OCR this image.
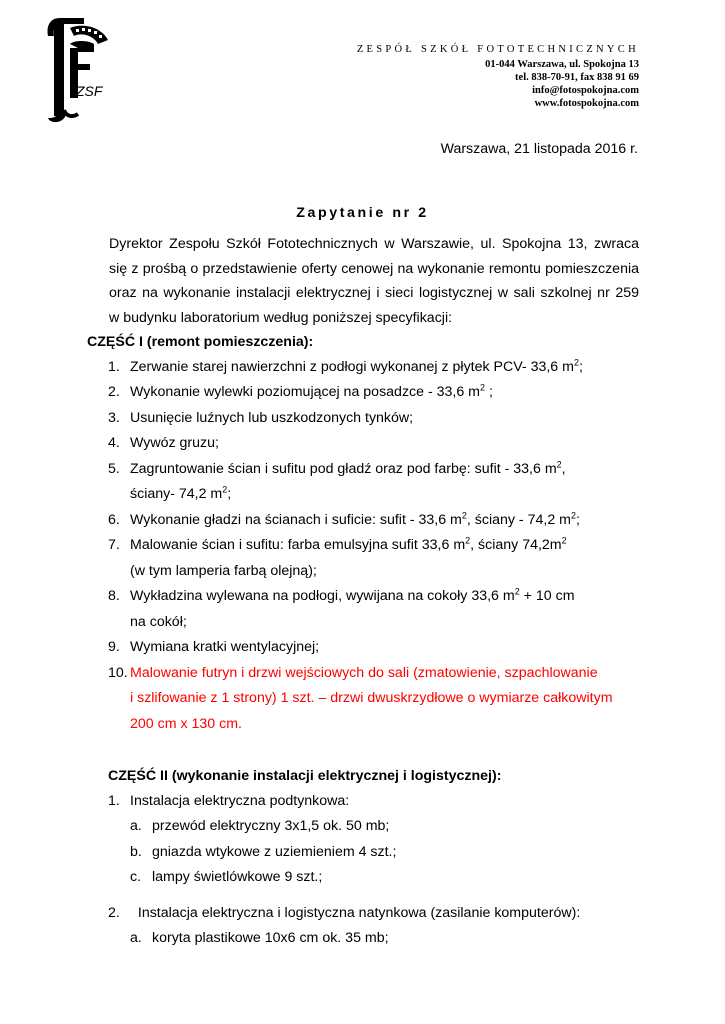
ZSF
ZESPÓŁ SZKÓŁ FOTOTECHNICZNYCH
01-044 Warszawa, ul. Spokojna 13
tel. 838-70-91, fax 838 91 69
info@fotospokojna.com
www.fotospokojna.com
Warszawa, 21 listopada 2016 r.
Zapytanie nr 2

Dyrektor Zespołu Szkół Fototechnicznych w Warszawie, ul. Spokojna 13, zwraca
się z prośbą o przedstawienie oferty cenowej na wykonanie remontu pomieszczenia
oraz na wykonanie instalacji elektrycznej i sieci logistycznej w sali szkolnej nr 259
w budynku laboratorium według poniższej specyfikacji:

CZĘŚĆ I (remont pomieszczenia):

1. Zerwanie starej nawierzchni z podłogi wykonanej z płytek PCV- 33,6 $m^2$;
2. Wykonanie wylewki poziomującej na posadzce - 33,6 $m^2$ ;
3. Usunięcie luźnych lub uszkodzonych tynków;
4. Wywóz gruzu;
5. Zagruntowanie ścian i sufitu pod gładź oraz pod farbę: sufit - 33,6 $m^2$,
ściany- 74,2 $m^2$;
6. Wykonanie gładzi na ścianach i suficie: sufit - 33,6 $m^2$, ściany - 74,2 $m^2$;
7. Malowanie ścian i sufitu: farba emulsyjna sufit 33,6 $m^2$, ściany $74,2m^2$
(w tym lamperia farbą olejną);
8. Wykładzina wylewana na podłogi, wywijana na cokoły 33,6 $m^2 + 10$ cm
na cokół;
9. Wymiana kratki wentylacyjnej;
10. Malowanie futryn i drzwi wejściowych do sali (zmatowienie, szpachlowanie
i szlifowanie z 1 strony) 1 szt. – drzwi dwuskrzydłowe o wymiarze całkowitym
200 cm x 130 cm.

CZĘŚĆ II (wykonanie instalacji elektrycznej i logistycznej):

1. Instalacja elektryczna podtynkowa:
a. przewód elektryczny 3x1,5 ok. 50 mb;
b. gniazda wtykowe z uziemieniem 4 szt.;
c. lampy świetlówkowe 9 szt.;
2. Instalacja elektryczna i logistyczna natynkowa (zasilanie komputerów):
a. koryta plastikowe 10x6 cm ok. 35 mb;
